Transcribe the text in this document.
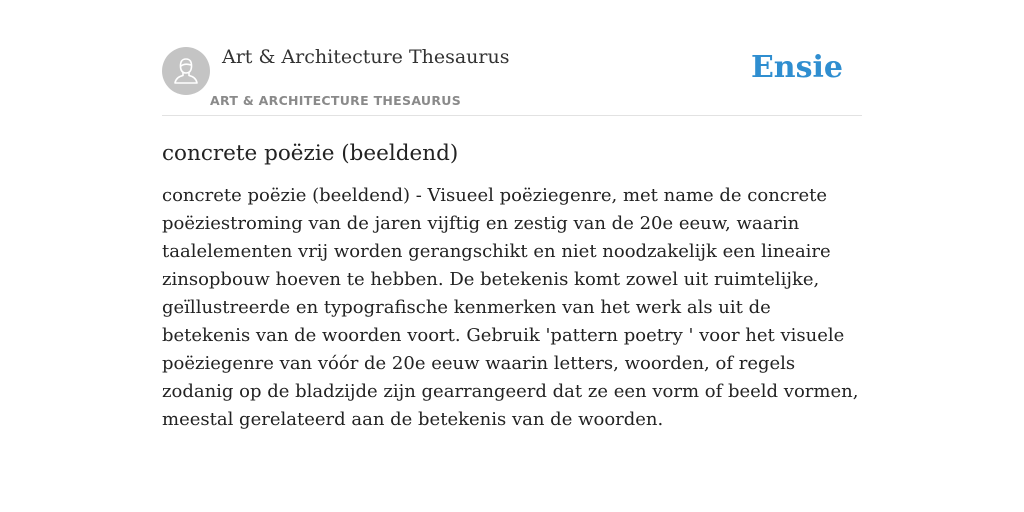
Art & Architecture Thesaurus
ART & ARCHITECTURE THESAURUS
Ensie
concrete poëzie (beeldend)

concrete poëzie (beeldend) - Visueel poëziegenre, met name de concrete poëziestroming van de jaren vijftig en zestig van de 20e eeuw, waarin taalelementen vrij worden gerangschikt en niet noodzakelijk een lineaire zinsopbouw hoeven te hebben. De betekenis komt zowel uit ruimtelijke, geïllustreerde en typografische kenmerken van het werk als uit de betekenis van de woorden voort. Gebruik 'pattern poetry ' voor het visuele poëziegenre van vóór de 20e eeuw waarin letters, woorden, of regels zodanig op de bladzijde zijn gearrangeerd dat ze een vorm of beeld vormen, meestal gerelateerd aan de betekenis van de woorden.
